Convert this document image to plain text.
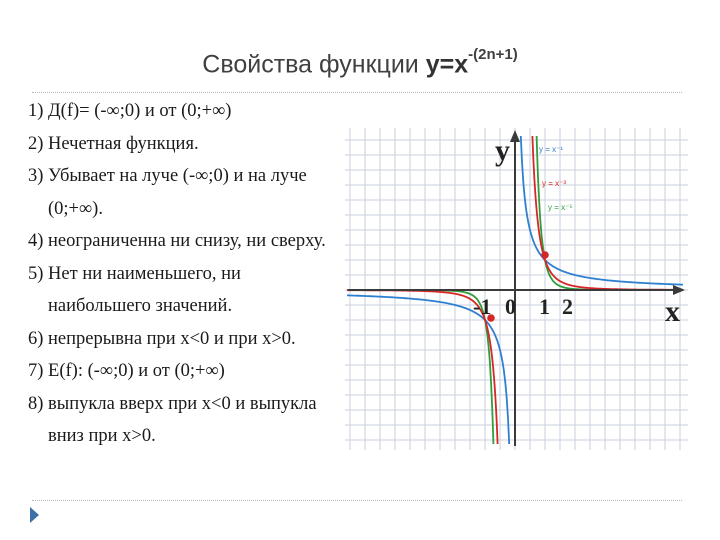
Свойства функции $y=x^{-(2n+1)}$

1) Д(f)= (-∞;0) и от (0;+∞)

2) Нечетная функция.

3) Убывает на луче (-∞;0) и на луче (0;+∞).

4) неограниченна ни снизу, ни сверху.

5) Нет ни наименьшего, ни наибольшего значений.

6) непрерывна при x<0 и при x>0.

7) E(f): (-∞;0) и от (0;+∞)

8) выпукла вверх при x<0 и выпукла вниз при x>0.

y
x
-1 0 1 2
y = x⁻¹
y = x⁻³
y = x⁻⁵
